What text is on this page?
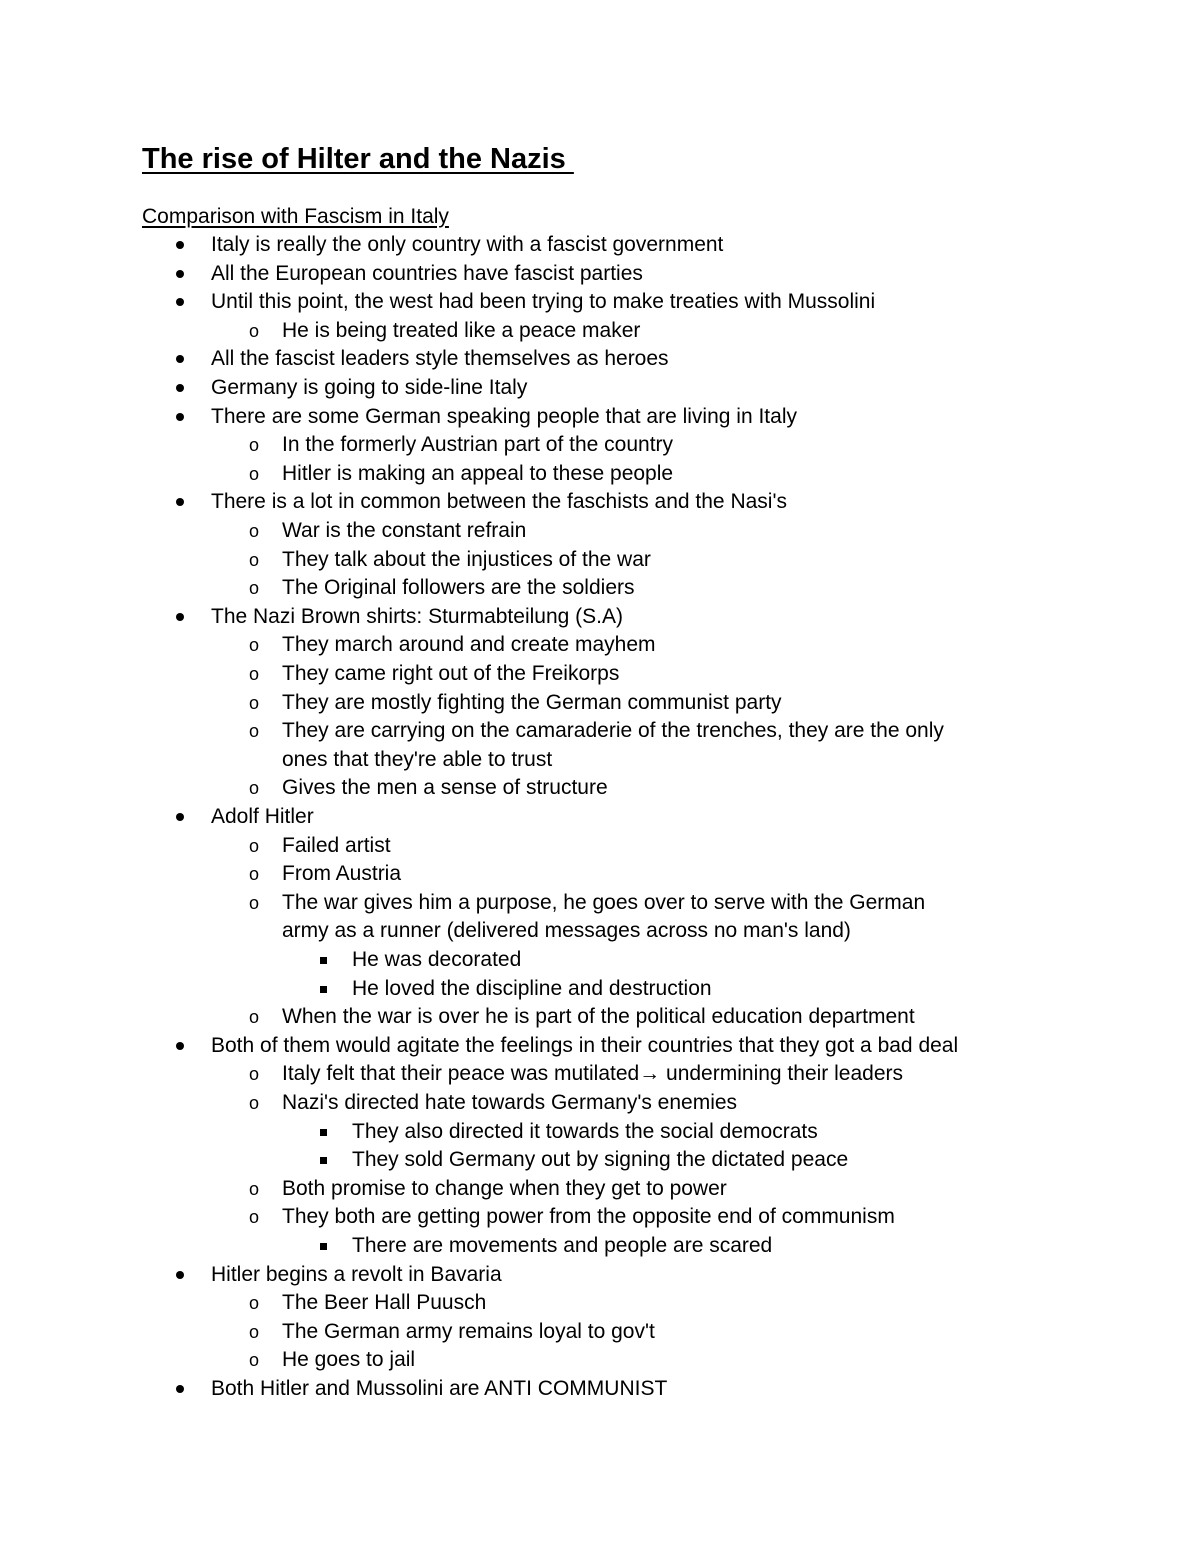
The rise of Hilter and the Nazis

Comparison with Fascism in Italy

Italy is really the only country with a fascist government
All the European countries have fascist parties
Until this point, the west had been trying to make treaties with Mussolini
o He is being treated like a peace maker
All the fascist leaders style themselves as heroes
Germany is going to side-line Italy
There are some German speaking people that are living in Italy
o In the formerly Austrian part of the country
o Hitler is making an appeal to these people
There is a lot in common between the faschists and the Nasi's
o War is the constant refrain
o They talk about the injustices of the war
o The Original followers are the soldiers
The Nazi Brown shirts: Sturmabteilung (S.A)
o They march around and create mayhem
o They came right out of the Freikorps
o They are mostly fighting the German communist party
o They are carrying on the camaraderie of the trenches, they are the only
ones that they're able to trust
o Gives the men a sense of structure
Adolf Hitler
o Failed artist
o From Austria
o The war gives him a purpose, he goes over to serve with the German
army as a runner (delivered messages across no man's land)
He was decorated
He loved the discipline and destruction
o When the war is over he is part of the political education department
Both of them would agitate the feelings in their countries that they got a bad deal
o Italy felt that their peace was mutilated→ undermining their leaders
o Nazi's directed hate towards Germany's enemies
They also directed it towards the social democrats
They sold Germany out by signing the dictated peace
o Both promise to change when they get to power
o They both are getting power from the opposite end of communism
There are movements and people are scared
Hitler begins a revolt in Bavaria
o The Beer Hall Puusch
o The German army remains loyal to gov't
o He goes to jail
Both Hitler and Mussolini are ANTI COMMUNIST
